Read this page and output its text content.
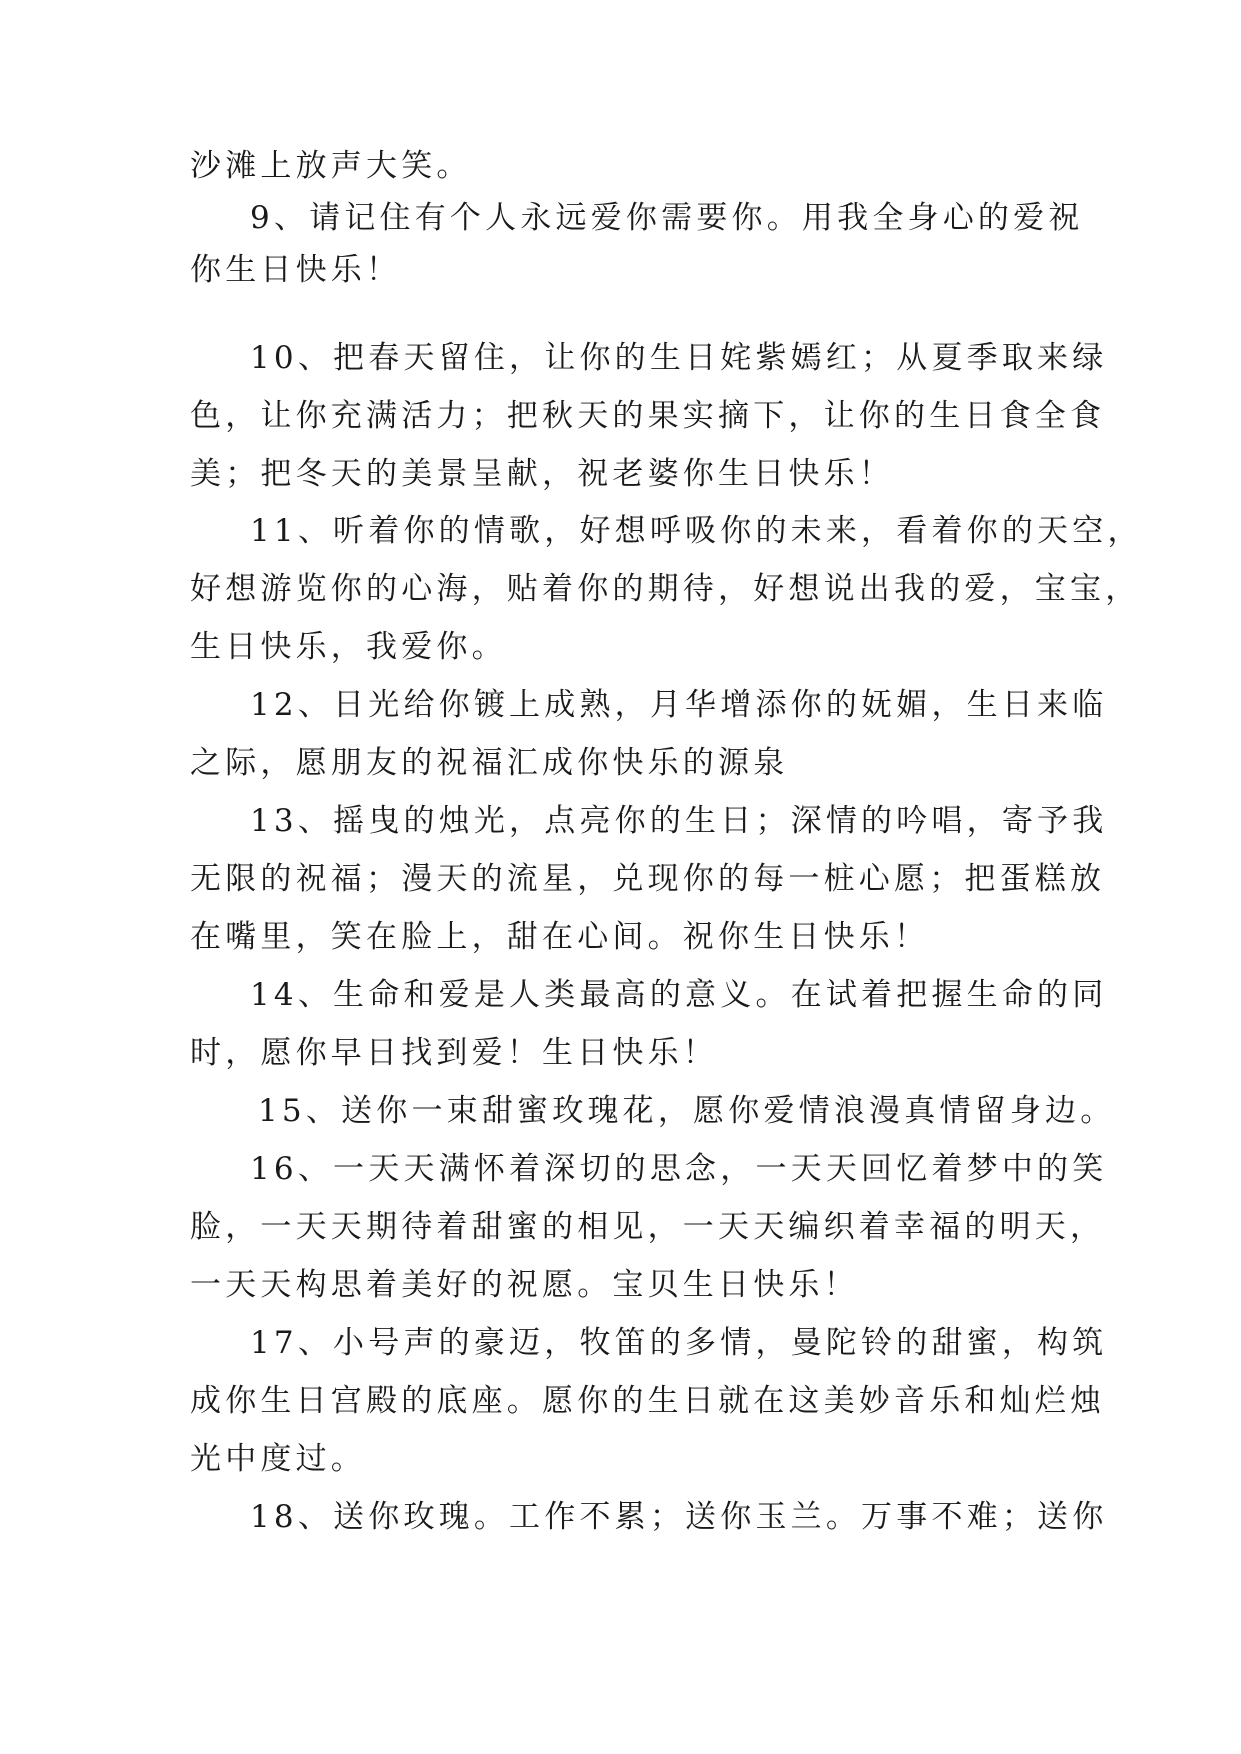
沙滩上放声大笑。
9、请记住有个人永远爱你需要你。用我全身心的爱祝
你生日快乐！
10、把春天留住，让你的生日姹紫嫣红；从夏季取来绿
色，让你充满活力；把秋天的果实摘下，让你的生日食全食
美；把冬天的美景呈献，祝老婆你生日快乐！
11、听着你的情歌，好想呼吸你的未来，看着你的天空，
好想游览你的心海，贴着你的期待，好想说出我的爱，宝宝，
生日快乐，我爱你。
12、日光给你镀上成熟，月华增添你的妩媚，生日来临
之际，愿朋友的祝福汇成你快乐的源泉
13、摇曳的烛光，点亮你的生日；深情的吟唱，寄予我
无限的祝福；漫天的流星，兑现你的每一桩心愿；把蛋糕放
在嘴里，笑在脸上，甜在心间。祝你生日快乐！
14、生命和爱是人类最高的意义。在试着把握生命的同
时，愿你早日找到爱！生日快乐！
15、送你一束甜蜜玫瑰花，愿你爱情浪漫真情留身边。
16、一天天满怀着深切的思念，一天天回忆着梦中的笑
脸，一天天期待着甜蜜的相见，一天天编织着幸福的明天，
一天天构思着美好的祝愿。宝贝生日快乐！
17、小号声的豪迈，牧笛的多情，曼陀铃的甜蜜，构筑
成你生日宫殿的底座。愿你的生日就在这美妙音乐和灿烂烛
光中度过。
18、送你玫瑰。工作不累；送你玉兰。万事不难；送你
